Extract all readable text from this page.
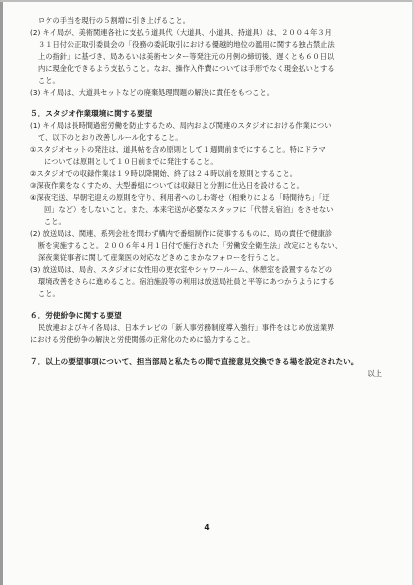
ロケの手当を現行の５割増に引き上げること。

(2) キイ局が、美術関連各社に支払う道具代（大道具、小道具、持道具）は、２００４年３月

３１日付公正取引委員会の「役務の委託取引における優越的地位の濫用に関する独占禁止法

上の指針」に基づき、局あるいは美術センター等発注元の月例の締切後、遅くとも６０日以

内に現金化できるよう支払うこと。なお、操作入件費については手形でなく現金払いとする

こと。

(3) キイ局は、大道具セットなどの廃棄処理問題の解決に責任をもつこと。

５．スタジオ作業環境に関する要望

(1) キイ局は長時間過密労働を防止するため、局内および関連のスタジオにおける作業につい

て、以下のとおり改善しルール化すること。

①スタジオセットの発注は、道具帖を含め原則として１週間前までにすること。特にドラマ

については原則として１０日前までに発注すること。

②スタジオでの収録作業は１９時以降開始、終了は２４時以前を原則とすること。

③深夜作業をなくすため、大型番組については収録日と分割に仕込日を設けること。

④深夜宅送、早朝宅迎えの原則を守り、利用者へのしわ寄せ（相乗りによる「時間待ち」「迂

回」など）をしないこと。また、本来宅送が必要なスタッフに「代替え宿泊」をさせない

こと。

(2) 放送局は、関連、系列会社を問わず構内で番組制作に従事するものに、局の責任で健康診

断を実施すること。２００６年４月１日付で施行された「労働安全衛生法」改定にともない、

深夜業従事者に関して産業医の対応などきめこまかなフォローを行うこと。

(3) 放送局は、局舎、スタジオに女性用の更衣室やシャワールーム、休憩室を設置するなどの

環境改善をさらに進めること。宿泊施設等の利用は放送局社員と平等にあつかうようにする

こと。

６．労使紛争に関する要望

民放連およびキイ各局は、日本テレビの「新人事労務制度導入強行」事件をはじめ放送業界

における労使紛争の解決と労使関係の正常化のために協力すること。

７．以上の要望事項について、担当部局と私たちの間で直接意見交換できる場を設定されたい。

以上

4
